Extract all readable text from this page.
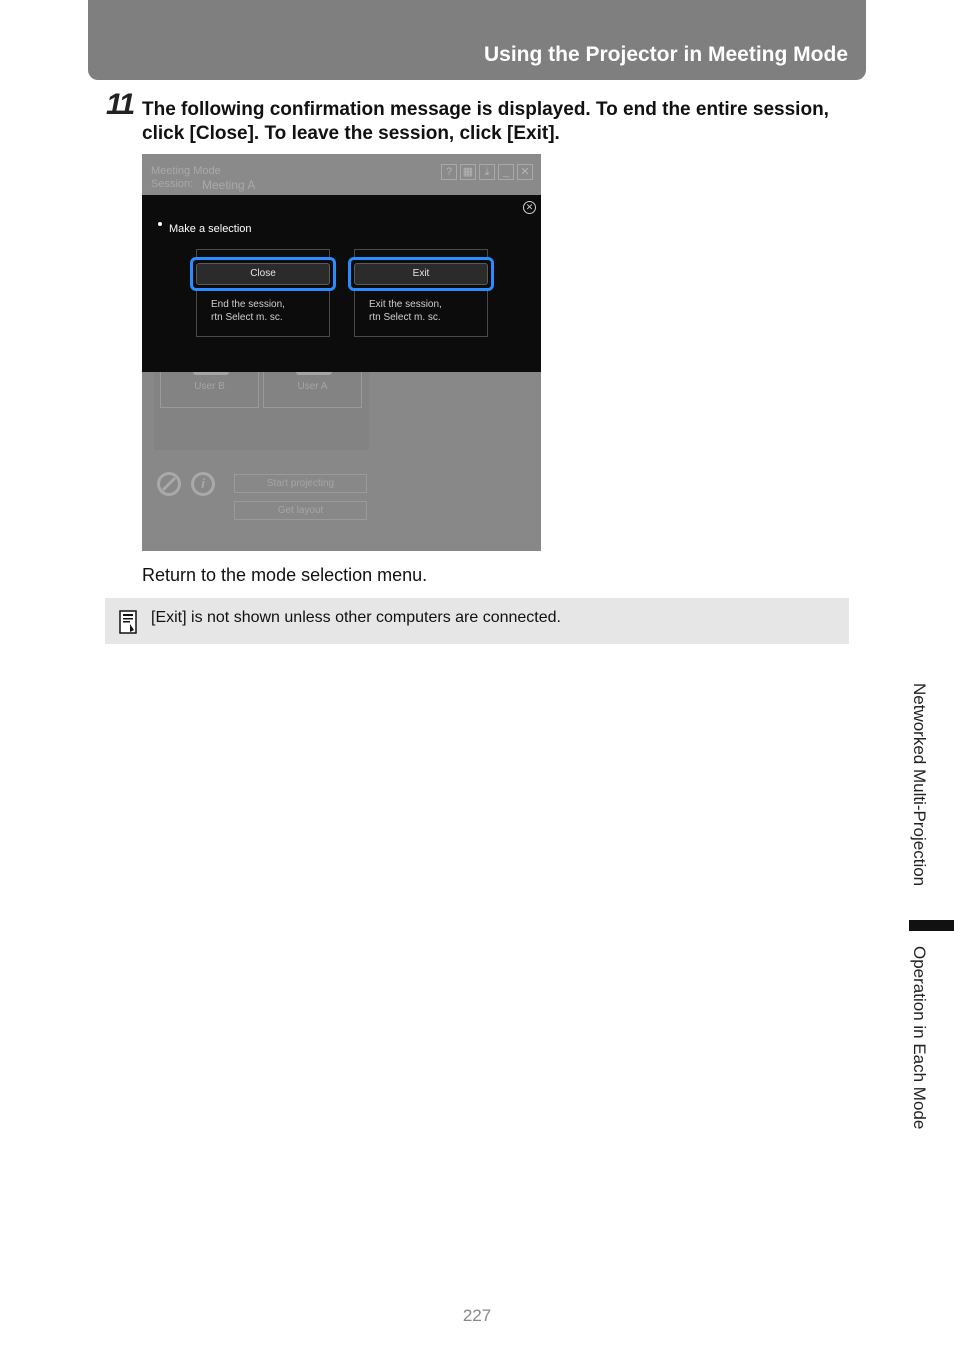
Using the Projector in Meeting Mode
11 The following confirmation message is displayed. To end the entire session, click [Close]. To leave the session, click [Exit].
Meeting Mode
Session: Meeting A
? ▦	⤓	_	✕
User B	User A
i	Start projecting
Get layout
✕
Make a selection
Close
End the session,
rtn Select m. sc.
Exit
Exit the session,
rtn Select m. sc.
Return to the mode selection menu.
[Exit] is not shown unless other computers are connected.
Networked Multi-Projection
Operation in Each Mode
227
